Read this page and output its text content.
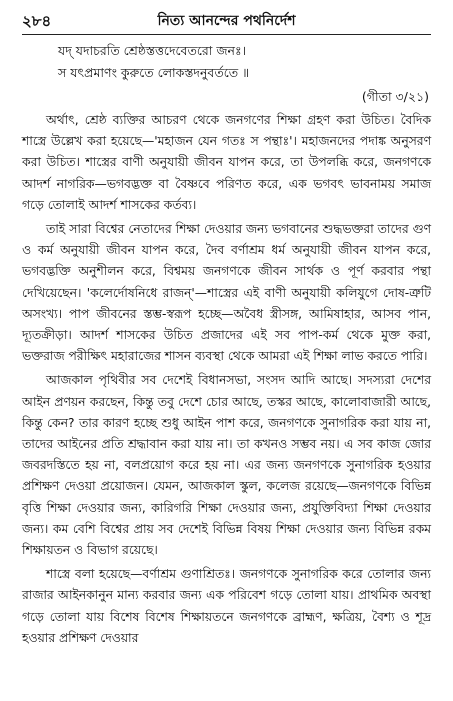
২৮৪	নিত্য আনন্দের পথনির্দেশ
যদ্ যদাচরতি শ্রেষ্ঠস্তত্তদেবেতরো জনঃ।
স যৎপ্রমাণং কুরুতে লোকস্তদনুবর্ততে ॥
(গীতা ৩/২১)

অর্থাৎ, শ্রেষ্ঠ ব্যক্তির আচরণ থেকে জনগণের শিক্ষা গ্রহণ করা উচিত। বৈদিক শাস্ত্রে উল্লেখ করা হয়েছে—'মহাজন যেন গতঃ স পন্থাঃ'। মহাজনদের পদাঙ্ক অনুসরণ করা উচিত। শাস্ত্রের বাণী অনুযায়ী জীবন যাপন করে, তা উপলব্ধি করে, জনগণকে আদর্শ নাগরিক—ভগবদ্ভক্ত বা বৈষ্ণবে পরিণত করে, এক ভগবৎ ভাবনাময় সমাজ গড়ে তোলাই আদর্শ শাসকের কর্তব্য।

তাই সারা বিশ্বের নেতাদের শিক্ষা দেওয়ার জন্য ভগবানের শুদ্ধভক্তরা তাদের গুণ ও কর্ম অনুযায়ী জীবন যাপন করে, দৈব বর্ণাশ্রম ধর্ম অনুযায়ী জীবন যাপন করে, ভগবদ্ভক্তি অনুশীলন করে, বিশ্বময় জনগণকে জীবন সার্থক ও পূর্ণ করবার পন্থা দেখিয়েছেন। 'কলের্দোষনিধে রাজন্'—শাস্ত্রের এই বাণী অনুযায়ী কলিযুগে দোষ-ত্রুটি অসংখ্য। পাপ জীবনের স্তম্ভ-স্বরূপ হচ্ছে—অবৈধ স্ত্রীসঙ্গ, আমিষাহার, আসব পান, দ্যূতক্রীড়া। আদর্শ শাসকের উচিত প্রজাদের এই সব পাপ-কর্ম থেকে মুক্ত করা, ভক্তরাজ পরীক্ষিৎ মহারাজের শাসন ব্যবস্থা থেকে আমরা এই শিক্ষা লাভ করতে পারি।

আজকাল পৃথিবীর সব দেশেই বিধানসভা, সংসদ আদি আছে। সদস্যরা দেশের আইন প্রণয়ন করছেন, কিন্তু তবু দেশে চোর আছে, তস্কর আছে, কালোবাজারী আছে, কিন্তু কেন? তার কারণ হচ্ছে শুধু আইন পাশ করে, জনগণকে সুনাগরিক করা যায় না, তাদের আইনের প্রতি শ্রদ্ধাবান করা যায় না। তা কখনও সম্ভব নয়। এ সব কাজ জোর জবরদস্তিতে হয় না, বলপ্রয়োগ করে হয় না। এর জন্য জনগণকে সুনাগরিক হওয়ার প্রশিক্ষণ দেওয়া প্রয়োজন। যেমন, আজকাল স্কুল, কলেজ রয়েছে—জনগণকে বিভিন্ন বৃত্তি শিক্ষা দেওয়ার জন্য, কারিগরি শিক্ষা দেওয়ার জন্য, প্রযুক্তিবিদ্যা শিক্ষা দেওয়ার জন্য। কম বেশি বিশ্বের প্রায় সব দেশেই বিভিন্ন বিষয় শিক্ষা দেওয়ার জন্য বিভিন্ন রকম শিক্ষায়তন ও বিভাগ রয়েছে।

শাস্ত্রে বলা হয়েছে—বর্ণাশ্রম গুণাশ্রিতঃ। জনগণকে সুনাগরিক করে তোলার জন্য রাজার আইনকানুন মান্য করবার জন্য এক পরিবেশ গড়ে তোলা যায়। প্রাথমিক অবস্থা গড়ে তোলা যায় বিশেষ বিশেষ শিক্ষায়তনে জনগণকে ব্রাহ্মণ, ক্ষত্রিয়, বৈশ্য ও শূদ্র হওয়ার প্রশিক্ষণ দেওয়ার
